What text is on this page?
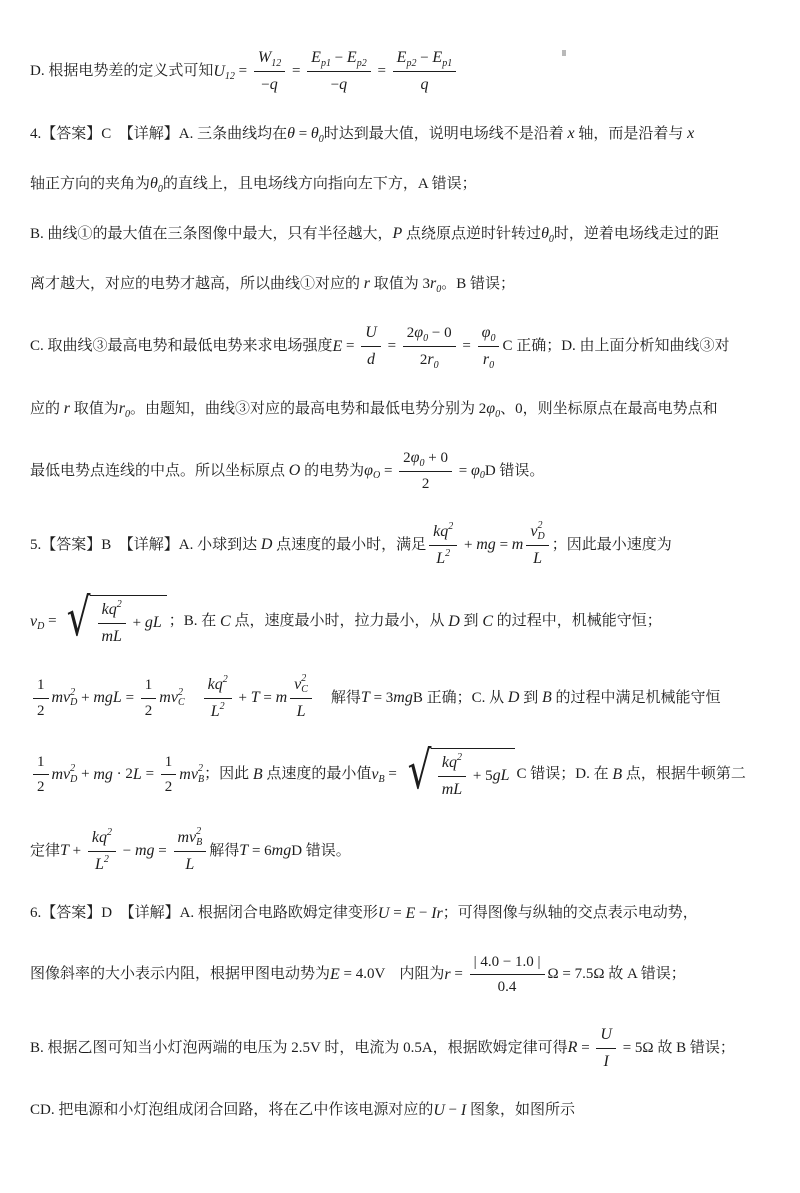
D. 根据电势差的定义式可知 U $12 = \frac{W 12}{- q} = \frac{\text{E p1 − E p2}}{- q} = \frac{\text{E p2 − E p1}}{q}$
4.【答案】C　【详解】A. 三条曲线均在 θ = θ 0 时达到最大值，说明电场线不是沿着 x 轴，而是沿着与 x
轴正方向的夹角为 θ 0 的直线上，且电场线方向指向左下方，A 错误；
B. 曲线①的最大值在三条图像中最大，只有半径越大， P 点绕原点逆时针转过 θ 0 时，逆着电场线走过的距
离才越大，对应的电势才越高，所以曲线①对应的 r 取值为 3 r 0 。B 错误；
C. 取曲线③最高电势和最低电势来求电场强度 $E = \frac{U}{d} = \frac{2 \varphi 0 - 0}{2 r 0} = \frac{\varphi 0}{r 0}$ C 正确；D. 由上面分析知曲线③对
应的 r 取值为 r 0 。由题知，曲线③对应的最高电势和最低电势分别为 2 φ 0 、0，则坐标原点在最高电势点和
最低电势点连线的中点。所以坐标原点 O 的电势为 φ $O = \frac{2 \varphi 0 + 0}{2} = \varphi$ 0 D 错误。
5.【答案】B　【详解】A. 小球到达 D 点速度的最小时，满足 $\frac{kq 2}{L 2}$ + mg = m v 2
D
L ；因此最小速度为
v D = √ $\frac{kq 2}{mL}$ + gL ；B. 在 C 点，速度最小时，拉力最小，从 D 到 C 的过程中，机械能守恒；
$\frac{1}{2}$ mv 2
D + mgL = $\frac{1}{2}$ mv 2
C $\frac{kq 2}{L 2} + T = m$ v 2
C
L 解得 T = 3 mg B 正确；C. 从 D 到 B 的过程中满足机械能守恒
$\frac{1}{2}$ mv 2
D + mg · 2 $L = \frac{1}{2}$ mv 2
B ；因此 B 点速度的最小值 v B = √ $\frac{kq 2}{mL} + 5$ gL C 错误；D. 在 B 点，根据牛顿第二
定律 $T + \frac{kq 2}{L 2}$ − mg = mv 2
B
L 解得 T = 6 mg D 错误。
6.【答案】D　【详解】A. 根据闭合电路欧姆定律变形 U = E − Ir ；可得图像与纵轴的交点表示电动势，
图像斜率的大小表示内阻，根据甲图电动势为 E = 4.0V 内阻为 $r = \frac{| 4.0 - 1.0 |}{0.4}$ Ω = 7.5Ω 故 A 错误；
B. 根据乙图可知当小灯泡两端的电压为 2.5V 时，电流为 0.5A，根据欧姆定律可得 $R = \frac{U}{I} = 5\Omega$ 故 B 错误；
CD. 把电源和小灯泡组成闭合回路，将在乙中作该电源对应的 U − I 图象，如图所示
